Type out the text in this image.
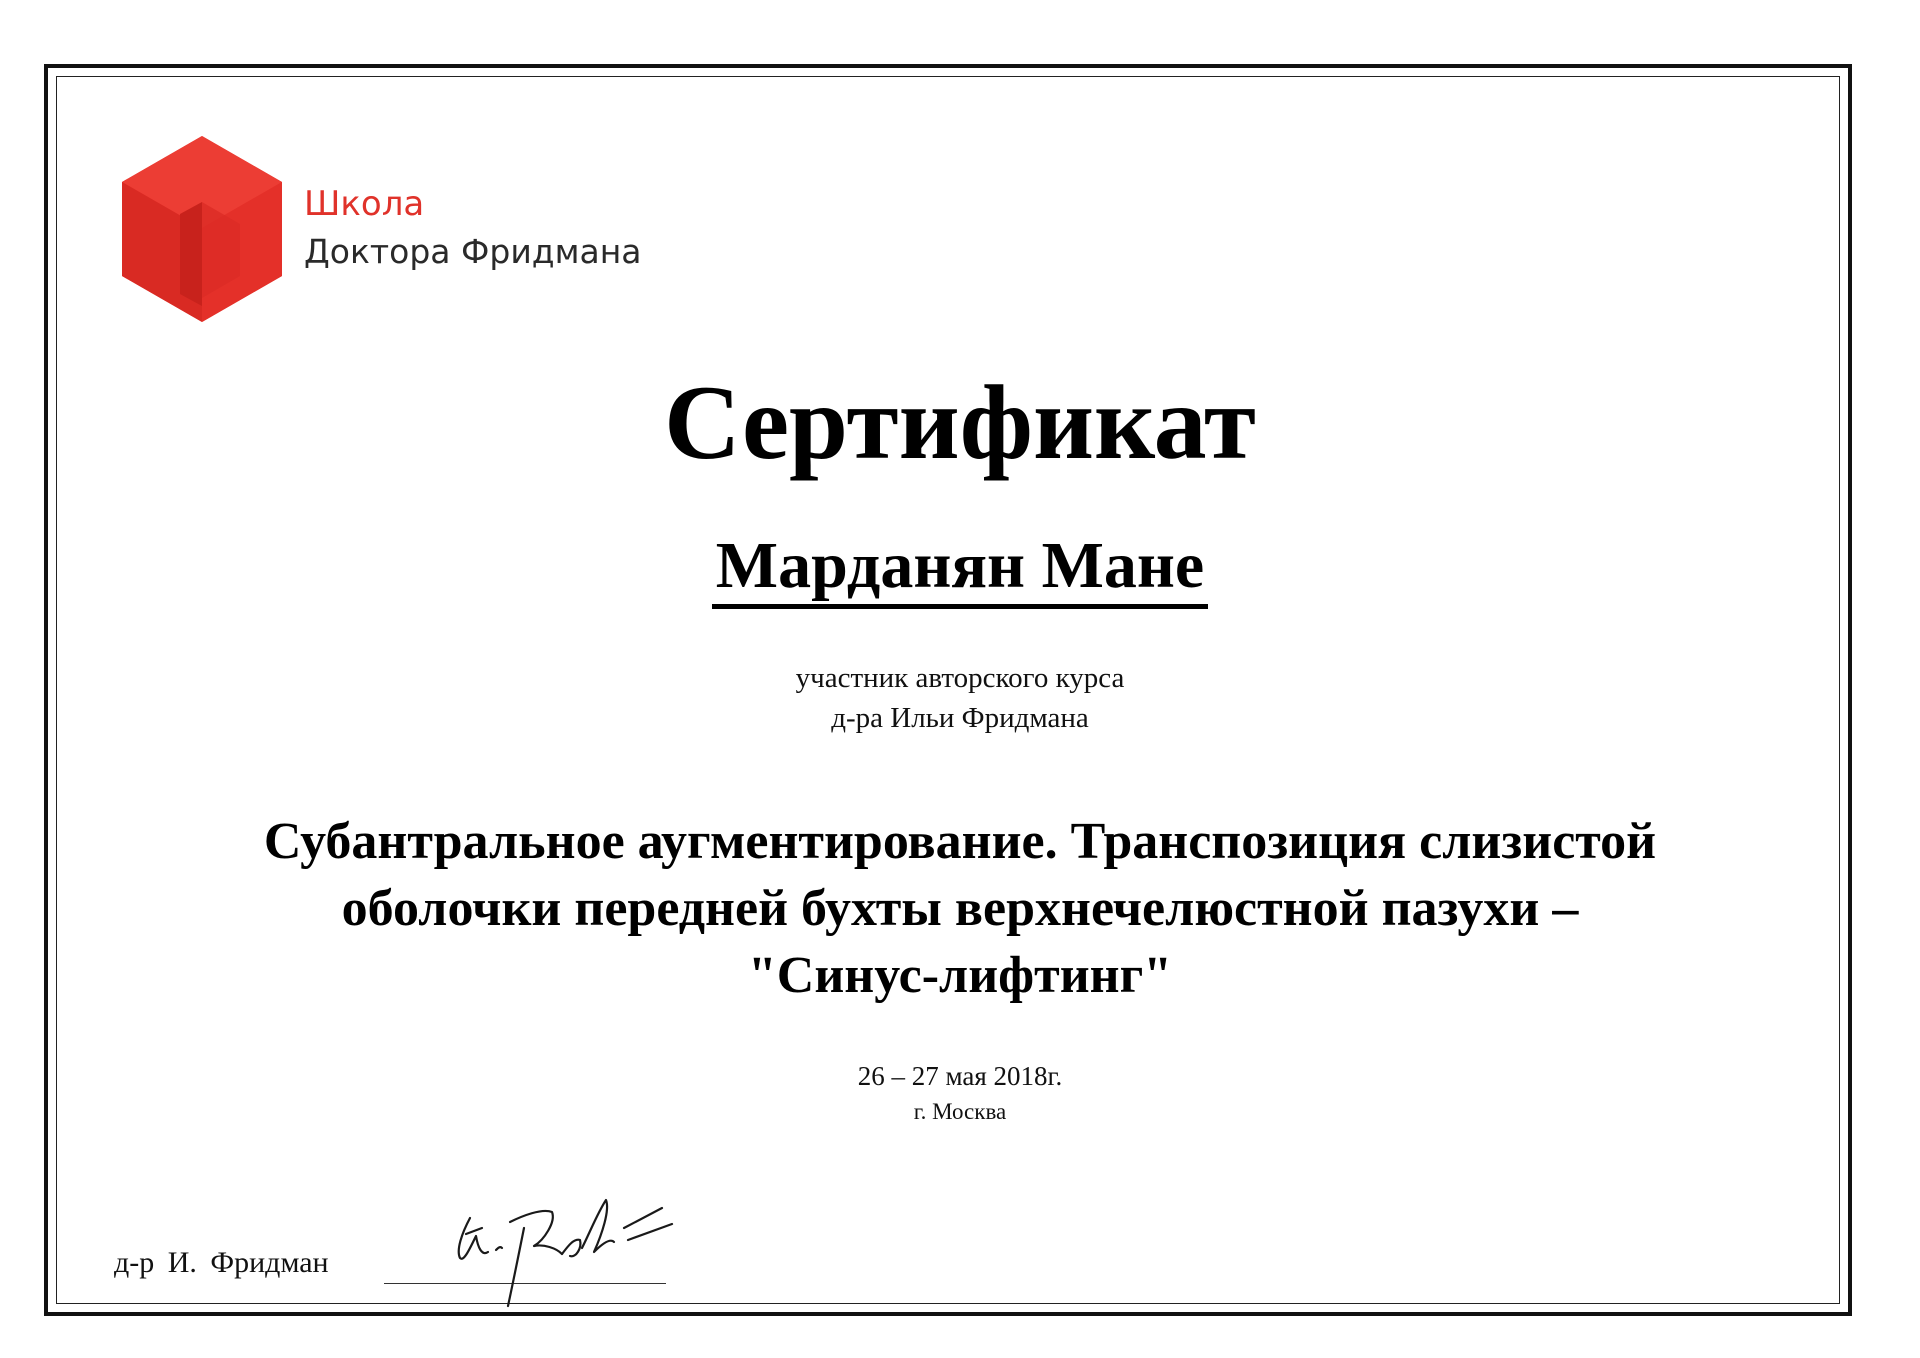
Школа
Доктора Фридмана
Сертификат
Марданян Мане
участник авторского курса
д-ра Ильи Фридмана
Субантральное аугментирование. Транспозиция слизистой
оболочки передней бухты верхнечелюстной пазухи –
"Синус-лифтинг"
26 – 27 мая 2018г.
г. Москва
д-р И. Фридман
